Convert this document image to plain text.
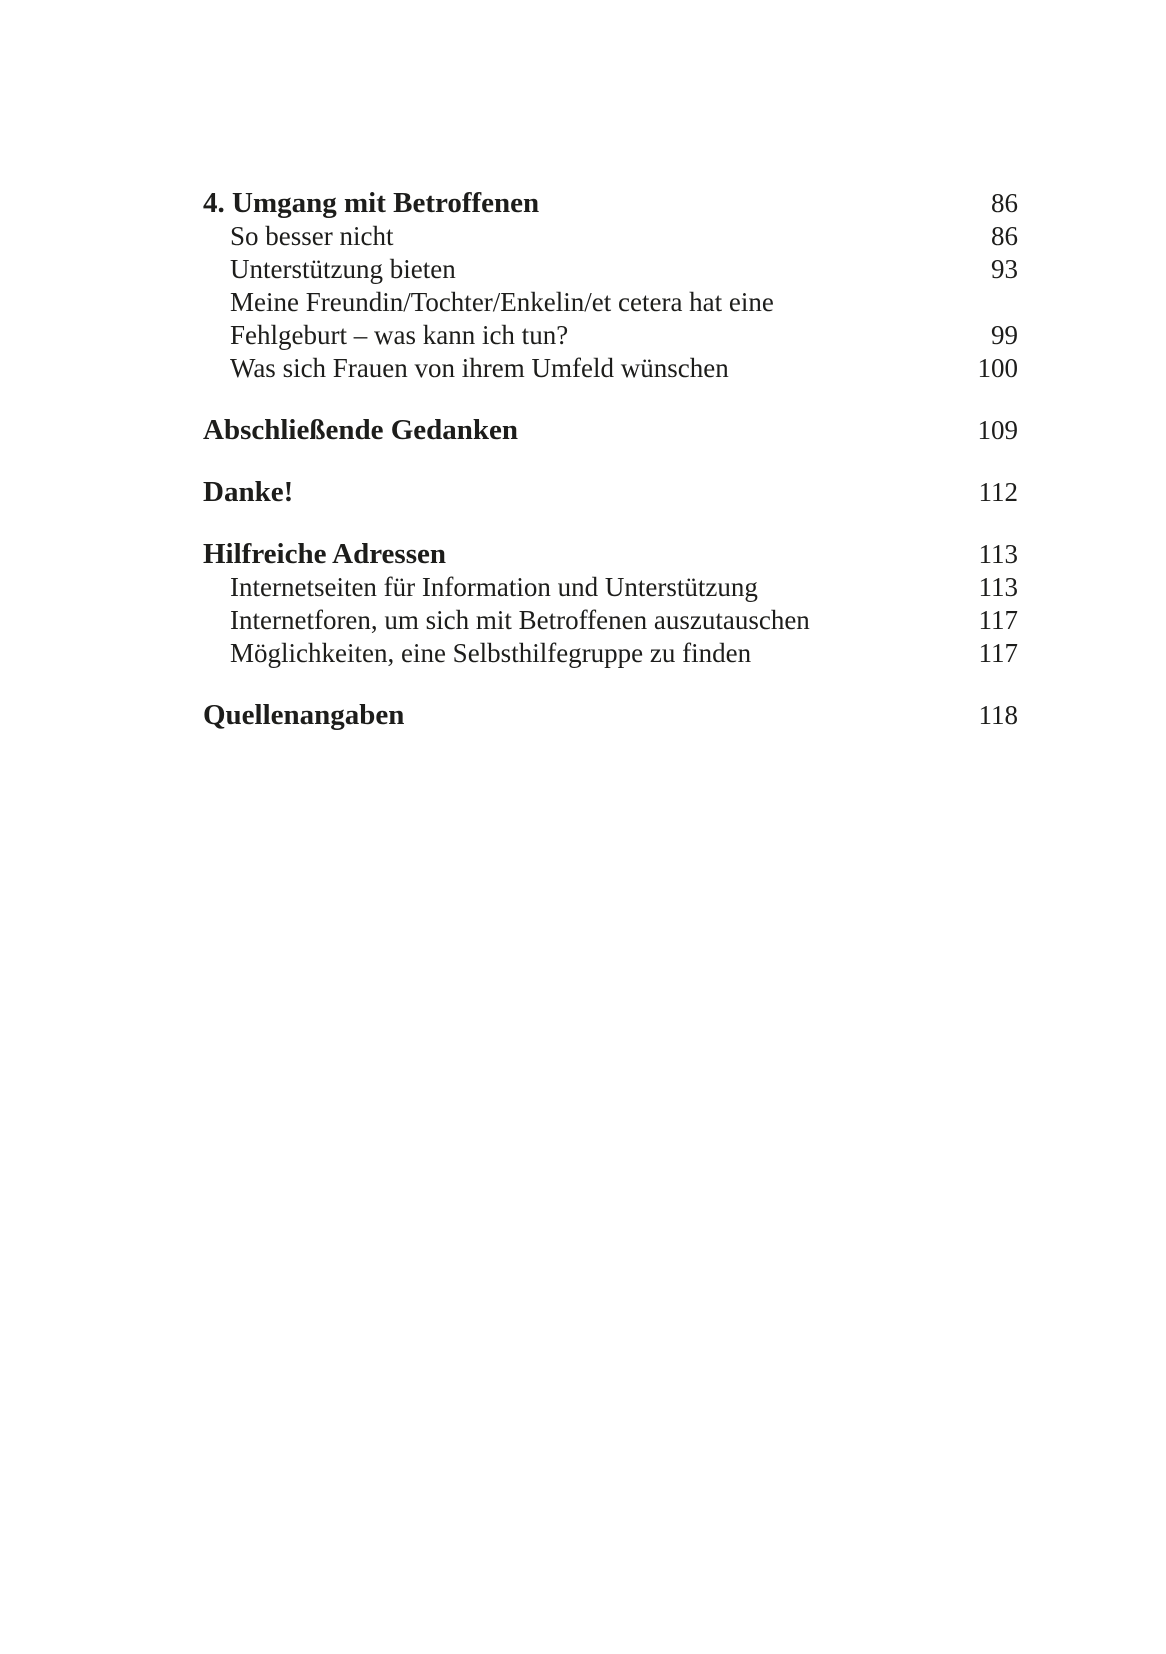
4. Umgang mit Betroffenen	86
So besser nicht	86
Unterstützung bieten	93
Meine Freundin/Tochter/Enkelin/et cetera hat eine
Fehlgeburt – was kann ich tun?	99
Was sich Frauen von ihrem Umfeld wünschen	100
Abschließende Gedanken	109
Danke!	112
Hilfreiche Adressen	113
Internetseiten für Information und Unterstützung	113
Internetforen, um sich mit Betroffenen auszutauschen	117
Möglichkeiten, eine Selbsthilfegruppe zu finden	117
Quellenangaben	118
